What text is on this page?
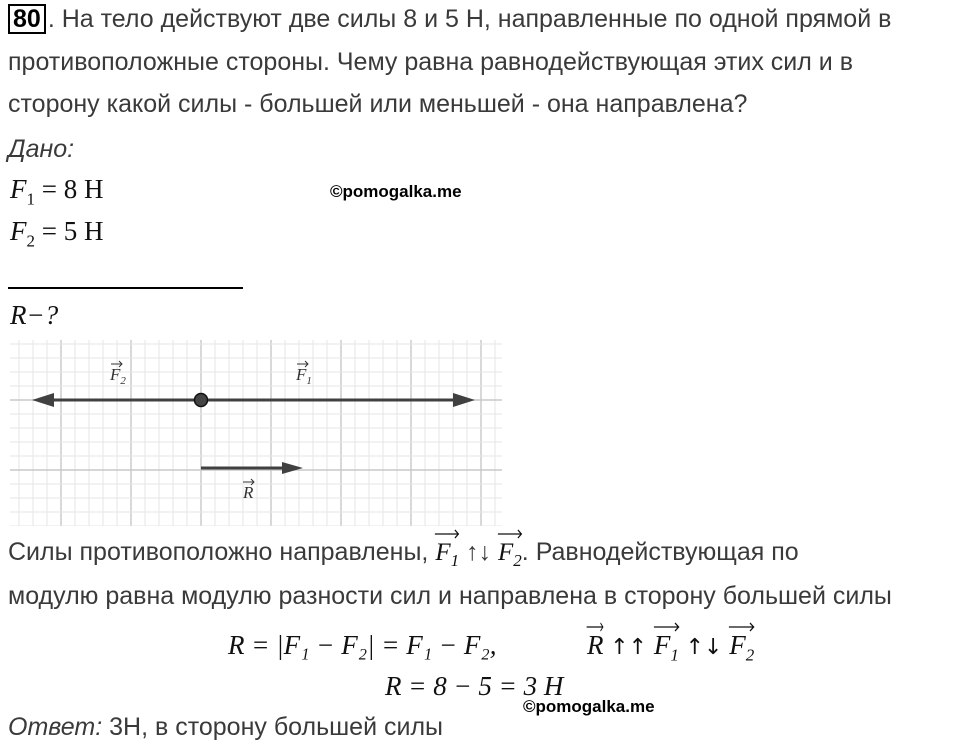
80 . На тело действуют две силы 8 и 5 Н, направленные по одной прямой в
противоположные стороны. Чему равна равнодействующая этих сил и в
сторону какой силы - большей или меньшей - она направлена?
Дано:
$F_1 = 8$ Н	©pomogalka.me
$F_2 = 5$ Н
R−?
$F_2$	$F_1$
R
Силы противоположно направлены, $F_1$ ↑↓ $F_2$
. Равнодействующая по
модулю равна модулю разности сил и направлена в сторону большей силы
R = |F₁ − F₂| = F₁ − F₂,	R ↑↑ $F_1$ ↑↓ $F_2$
R = 8 − 5 = 3 Н
©pomogalka.me
Ответ: 3Н, в сторону большей силы
